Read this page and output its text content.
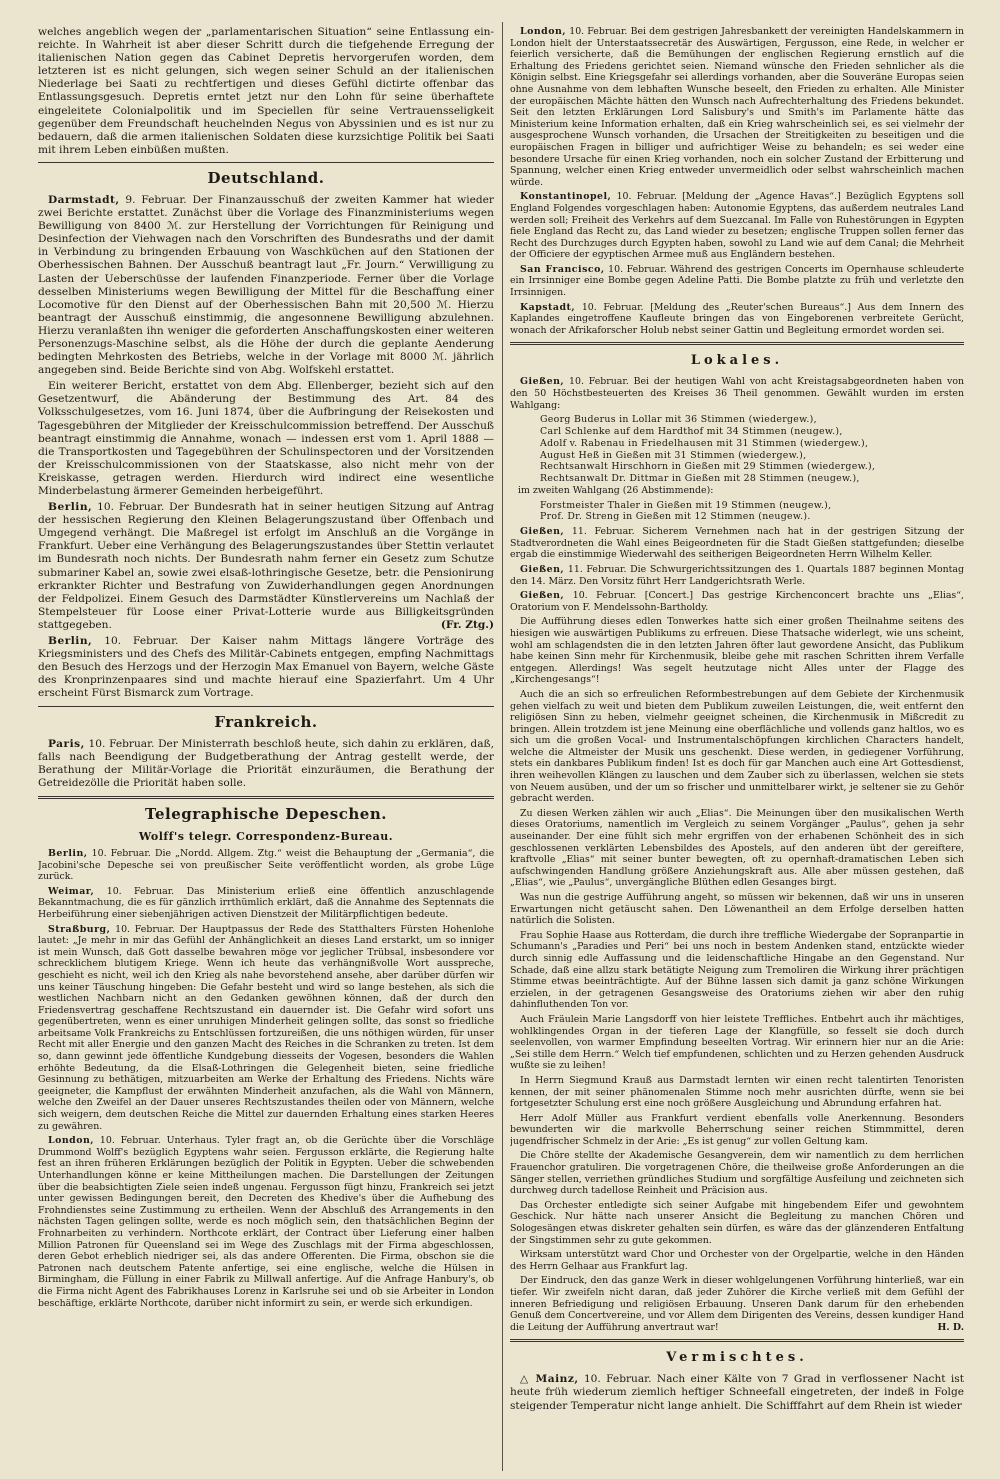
welches angeblich wegen der „parlamentarischen Situation“ seine Entlassung ein-reichte. In Wahrheit ist aber dieser Schritt durch die tiefgehende Erregung der italienischen Nation gegen das Cabinet Depretis hervorgerufen worden, dem letzteren ist es nicht gelungen, sich wegen seiner Schuld an der italienischen Niederlage bei Saati zu rechtfertigen und dieses Gefühl dictirte offenbar das Entlassungsgesuch. Depretis erntet jetzt nur den Lohn für seine überhaftete eingeleitete Colonialpolitik und im Speciellen für seine Vertrauensseligkeit gegenüber dem Freundschaft heuchelnden Negus von Abyssinien und es ist nur zu bedauern, daß die armen italienischen Soldaten diese kurzsichtige Politik bei Saati mit ihrem Leben einbüßen mußten.

Deutschland.

Darmstadt, 9. Februar. Der Finanzausschuß der zweiten Kammer hat wieder zwei Berichte erstattet. Zunächst über die Vorlage des Finanzministeriums wegen Bewilligung von 8400 ℳ. zur Herstellung der Vorrichtungen für Reinigung und Desinfection der Viehwagen nach den Vorschriften des Bundesraths und der damit in Verbindung zu bringenden Erbauung von Waschküchen auf den Stationen der Oberhessischen Bahnen. Der Ausschuß beantragt laut „Fr. Journ.“ Verwilligung zu Lasten der Ueberschüsse der laufenden Finanzperiode. Ferner über die Vorlage desselben Ministeriums wegen Bewilligung der Mittel für die Beschaffung einer Locomotive für den Dienst auf der Oberhessischen Bahn mit 20,500 ℳ. Hierzu beantragt der Ausschuß einstimmig, die angesonnene Bewilligung abzulehnen. Hierzu veranlaßten ihn weniger die geforderten Anschaffungskosten einer weiteren Personenzugs-Maschine selbst, als die Höhe der durch die geplante Aenderung bedingten Mehrkosten des Betriebs, welche in der Vorlage mit 8000 ℳ. jährlich angegeben sind. Beide Berichte sind von Abg. Wolfskehl erstattet.

Ein weiterer Bericht, erstattet von dem Abg. Ellenberger, bezieht sich auf den Gesetzentwurf, die Abänderung der Bestimmung des Art. 84 des Volksschulgesetzes, vom 16. Juni 1874, über die Aufbringung der Reisekosten und Tagesgebühren der Mitglieder der Kreisschulcommission betreffend. Der Ausschuß beantragt einstimmig die Annahme, wonach — indessen erst vom 1. April 1888 — die Transportkosten und Tagegebühren der Schulinspectoren und der Vorsitzenden der Kreisschulcommissionen von der Staatskasse, also nicht mehr von der Kreiskasse, getragen werden. Hierdurch wird indirect eine wesentliche Minderbelastung ärmerer Gemeinden herbeigeführt.

Berlin, 10. Februar. Der Bundesrath hat in seiner heutigen Sitzung auf Antrag der hessischen Regierung den Kleinen Belagerungszustand über Offenbach und Umgegend verhängt. Die Maßregel ist erfolgt im Anschluß an die Vorgänge in Frankfurt. Ueber eine Verhängung des Belagerungszustandes über Stettin verlautet im Bundesrath noch nichts. Der Bundesrath nahm ferner ein Gesetz zum Schutze submariner Kabel an, sowie zwei elsaß-lothringische Gesetze, betr. die Pensionirung erkrankter Richter und Bestrafung von Zuwiderhandlungen gegen Anordnungen der Feldpolizei. Einem Gesuch des Darmstädter Künstlervereins um Nachlaß der Stempelsteuer für Loose einer Privat-Lotterie wurde aus Billigkeitsgründen stattgegeben.	(Fr. Ztg.)

Berlin, 10. Februar. Der Kaiser nahm Mittags längere Vorträge des Kriegsministers und des Chefs des Militär-Cabinets entgegen, empfing Nachmittags den Besuch des Herzogs und der Herzogin Max Emanuel von Bayern, welche Gäste des Kronprinzenpaares sind und machte hierauf eine Spazierfahrt. Um 4 Uhr erscheint Fürst Bismarck zum Vortrage.

Frankreich.

Paris, 10. Februar. Der Ministerrath beschloß heute, sich dahin zu erklären, daß, falls nach Beendigung der Budgetberathung der Antrag gestellt werde, der Berathung der Militär-Vorlage die Priorität einzuräumen, die Berathung der Getreidezölle die Priorität haben solle.

Telegraphische Depeschen.
Wolff's telegr. Correspondenz-Bureau.

Berlin, 10. Februar. Die „Nordd. Allgem. Ztg.“ weist die Behauptung der „Germania“, die Jacobini'sche Depesche sei von preußischer Seite veröffentlicht worden, als grobe Lüge zurück.

Weimar, 10. Februar. Das Ministerium erließ eine öffentlich anzuschlagende Bekanntmachung, die es für gänzlich irrthümlich erklärt, daß die Annahme des Septennats die Herbeiführung einer siebenjährigen activen Dienstzeit der Militärpflichtigen bedeute.

Straßburg, 10. Februar. Der Hauptpassus der Rede des Statthalters Fürsten Hohenlohe lautet: „Je mehr in mir das Gefühl der Anhänglichkeit an dieses Land erstarkt, um so inniger ist mein Wunsch, daß Gott dasselbe bewahren möge vor jeglicher Trübsal, insbesondere vor schrecklichem blutigem Kriege. Wenn ich heute das verhängnißvolle Wort ausspreche, geschieht es nicht, weil ich den Krieg als nahe bevorstehend ansehe, aber darüber dürfen wir uns keiner Täuschung hingeben: Die Gefahr besteht und wird so lange bestehen, als sich die westlichen Nachbarn nicht an den Gedanken gewöhnen können, daß der durch den Friedensvertrag geschaffene Rechtszustand ein dauernder ist. Die Gefahr wird sofort uns gegenübertreten, wenn es einer unruhigen Minderheit gelingen sollte, das sonst so friedliche arbeitsame Volk Frankreichs zu Entschlüssen fortzureißen, die uns nöthigen würden, für unser Recht mit aller Energie und den ganzen Macht des Reiches in die Schranken zu treten. Ist dem so, dann gewinnt jede öffentliche Kundgebung diesseits der Vogesen, besonders die Wahlen erhöhte Bedeutung, da die Elsaß-Lothringen die Gelegenheit bieten, seine friedliche Gesinnung zu bethätigen, mitzuarbeiten am Werke der Erhaltung des Friedens. Nichts wäre geeigneter, die Kampflust der erwähnten Minderheit anzufachen, als die Wahl von Männern, welche den Zweifel an der Dauer unseres Rechtszustandes theilen oder von Männern, welche sich weigern, dem deutschen Reiche die Mittel zur dauernden Erhaltung eines starken Heeres zu gewähren.

London, 10. Februar. Unterhaus. Tyler fragt an, ob die Gerüchte über die Vorschläge Drummond Wolff's bezüglich Egyptens wahr seien. Fergusson erklärte, die Regierung halte fest an ihren früheren Erklärungen bezüglich der Politik in Egypten. Ueber die schwebenden Unterhandlungen könne er keine Mittheilungen machen. Die Darstellungen der Zeitungen über die beabsichtigten Ziele seien indeß ungenau. Fergusson fügt hinzu, Frankreich sei jetzt unter gewissen Bedingungen bereit, den Decreten des Khedive's über die Aufhebung des Frohndienstes seine Zustimmung zu ertheilen. Wenn der Abschluß des Arrangements in den nächsten Tagen gelingen sollte, werde es noch möglich sein, den thatsächlichen Beginn der Frohnarbeiten zu verhindern. Northcote erklärt, der Contract über Lieferung einer halben Million Patronen für Queensland sei im Wege des Zuschlags mit der Firma abgeschlossen, deren Gebot erheblich niedriger sei, als das andere Offerenten. Die Firma, obschon sie die Patronen nach deutschem Patente anfertige, sei eine englische, welche die Hülsen in Birmingham, die Füllung in einer Fabrik zu Millwall anfertige. Auf die Anfrage Hanbury's, ob die Firma nicht Agent des Fabrikhauses Lorenz in Karlsruhe sei und ob sie Arbeiter in London beschäftige, erklärte Northcote, darüber nicht informirt zu sein, er werde sich erkundigen.

London, 10. Februar. Bei dem gestrigen Jahresbankett der vereinigten Handelskammern in London hielt der Unterstaatssecretär des Auswärtigen, Fergusson, eine Rede, in welcher er feierlich versicherte, daß die Bemühungen der englischen Regierung ernstlich auf die Erhaltung des Friedens gerichtet seien. Niemand wünsche den Frieden sehnlicher als die Königin selbst. Eine Kriegsgefahr sei allerdings vorhanden, aber die Souveräne Europas seien ohne Ausnahme von dem lebhaften Wunsche beseelt, den Frieden zu erhalten. Alle Minister der europäischen Mächte hätten den Wunsch nach Aufrechterhaltung des Friedens bekundet. Seit den letzten Erklärungen Lord Salisbury's und Smith's im Parlamente hätte das Ministerium keine Information erhalten, daß ein Krieg wahrscheinlich sei, es sei vielmehr der ausgesprochene Wunsch vorhanden, die Ursachen der Streitigkeiten zu beseitigen und die europäischen Fragen in billiger und aufrichtiger Weise zu behandeln; es sei weder eine besondere Ursache für einen Krieg vorhanden, noch ein solcher Zustand der Erbitterung und Spannung, welcher einen Krieg entweder unvermeidlich oder selbst wahrscheinlich machen würde.

Konstantinopel, 10. Februar. [Meldung der „Agence Havas“.] Bezüglich Egyptens soll England Folgendes vorgeschlagen haben: Autonomie Egyptens, das außerdem neutrales Land werden soll; Freiheit des Verkehrs auf dem Suezcanal. Im Falle von Ruhestörungen in Egypten fiele England das Recht zu, das Land wieder zu besetzen; englische Truppen sollen ferner das Recht des Durchzuges durch Egypten haben, sowohl zu Land wie auf dem Canal; die Mehrheit der Officiere der egyptischen Armee muß aus Engländern bestehen.

San Francisco, 10. Februar. Während des gestrigen Concerts im Opernhause schleuderte ein Irrsinniger eine Bombe gegen Adeline Patti. Die Bombe platzte zu früh und verletzte den Irrsinnigen.

Kapstadt, 10. Februar. [Meldung des „Reuter'schen Bureaus“.] Aus dem Innern des Kaplandes eingetroffene Kaufleute bringen das von Eingeborenen verbreitete Gerücht, wonach der Afrikaforscher Holub nebst seiner Gattin und Begleitung ermordet worden sei.

Lokales.

Gießen, 10. Februar. Bei der heutigen Wahl von acht Kreistagsabgeordneten haben von den 50 Höchstbesteuerten des Kreises 36 Theil genommen. Gewählt wurden im ersten Wahlgang:

Georg Buderus in Lollar mit 36 Stimmen (wiedergew.),

Carl Schlenke auf dem Hardthof mit 34 Stimmen (neugew.),

Adolf v. Rabenau in Friedelhausen mit 31 Stimmen (wiedergew.),

August Heß in Gießen mit 31 Stimmen (wiedergew.),

Rechtsanwalt Hirschhorn in Gießen mit 29 Stimmen (wiedergew.),

Rechtsanwalt Dr. Dittmar in Gießen mit 28 Stimmen (neugew.),

im zweiten Wahlgang (26 Abstimmende):

Forstmeister Thaler in Gießen mit 19 Stimmen (neugew.),

Prof. Dr. Streng in Gießen mit 12 Stimmen (neugew.).

Gießen, 11. Februar. Sicherem Vernehmen nach hat in der gestrigen Sitzung der Stadtverordneten die Wahl eines Beigeordneten für die Stadt Gießen stattgefunden; dieselbe ergab die einstimmige Wiederwahl des seitherigen Beigeordneten Herrn Wilhelm Keller.

Gießen, 11. Februar. Die Schwurgerichtssitzungen des 1. Quartals 1887 beginnen Montag den 14. März. Den Vorsitz führt Herr Landgerichtsrath Werle.

Gießen, 10. Februar. [Concert.] Das gestrige Kirchenconcert brachte uns „Elias“, Oratorium von F. Mendelssohn-Bartholdy.

Die Aufführung dieses edlen Tonwerkes hatte sich einer großen Theilnahme seitens des hiesigen wie auswärtigen Publikums zu erfreuen. Diese Thatsache widerlegt, wie uns scheint, wohl am schlagendsten die in den letzten Jahren öfter laut gewordene Ansicht, das Publikum habe keinen Sinn mehr für Kirchenmusik, bleibe gehe mit raschen Schritten ihrem Verfalle entgegen. Allerdings! Was segelt heutzutage nicht Alles unter der Flagge des „Kirchengesangs“!

Auch die an sich so erfreulichen Reformbestrebungen auf dem Gebiete der Kirchenmusik gehen vielfach zu weit und bieten dem Publikum zuweilen Leistungen, die, weit entfernt den religiösen Sinn zu heben, vielmehr geeignet scheinen, die Kirchenmusik in Mißcredit zu bringen. Allein trotzdem ist jene Meinung eine oberflächliche und vollends ganz haltlos, wo es sich um die großen Vocal- und Instrumentalschöpfungen kirchlichen Characters handelt, welche die Altmeister der Musik uns geschenkt. Diese werden, in gediegener Vorführung, stets ein dankbares Publikum finden! Ist es doch für gar Manchen auch eine Art Gottesdienst, ihren weihevollen Klängen zu lauschen und dem Zauber sich zu überlassen, welchen sie stets von Neuem ausüben, und der um so frischer und unmittelbarer wirkt, je seltener sie zu Gehör gebracht werden.

Zu diesen Werken zählen wir auch „Elias“. Die Meinungen über den musikalischen Werth dieses Oratoriums, namentlich im Vergleich zu seinem Vorgänger „Paulus“, gehen ja sehr auseinander. Der eine fühlt sich mehr ergriffen von der erhabenen Schönheit des in sich geschlossenen verklärten Lebensbildes des Apostels, auf den anderen übt der gereiftere, kraftvolle „Elias“ mit seiner bunter bewegten, oft zu opernhaft-dramatischen Leben sich aufschwingenden Handlung größere Anziehungskraft aus. Alle aber müssen gestehen, daß „Elias“, wie „Paulus“, unvergängliche Blüthen edlen Gesanges birgt.

Was nun die gestrige Aufführung angeht, so müssen wir bekennen, daß wir uns in unseren Erwartungen nicht getäuscht sahen. Den Löwenantheil an dem Erfolge derselben hatten natürlich die Solisten.

Frau Sophie Haase aus Rotterdam, die durch ihre treffliche Wiedergabe der Sopranpartie in Schumann's „Paradies und Peri“ bei uns noch in bestem Andenken stand, entzückte wieder durch sinnig edle Auffassung und die leidenschaftliche Hingabe an den Gegenstand. Nur Schade, daß eine allzu stark betätigte Neigung zum Tremoliren die Wirkung ihrer prächtigen Stimme etwas beeinträchtigte. Auf der Bühne lassen sich damit ja ganz schöne Wirkungen erzielen, in der getragenen Gesangsweise des Oratoriums ziehen wir aber den ruhig dahinfluthenden Ton vor.

Auch Fräulein Marie Langsdorff von hier leistete Treffliches. Entbehrt auch ihr mächtiges, wohlklingendes Organ in der tieferen Lage der Klangfülle, so fesselt sie doch durch seelenvollen, von warmer Empfindung beseelten Vortrag. Wir erinnern hier nur an die Arie: „Sei stille dem Herrn.“ Welch tief empfundenen, schlichten und zu Herzen gehenden Ausdruck wußte sie zu leihen!

In Herrn Siegmund Krauß aus Darmstadt lernten wir einen recht talentirten Tenoristen kennen, der mit seiner phänomenalen Stimme noch mehr ausrichten dürfte, wenn sie bei fortgesetzter Schulung erst eine noch größere Ausgleichung und Abrundung erfahren hat.

Herr Adolf Müller aus Frankfurt verdient ebenfalls volle Anerkennung. Besonders bewunderten wir die markvolle Beherrschung seiner reichen Stimmmittel, deren jugendfrischer Schmelz in der Arie: „Es ist genug“ zur vollen Geltung kam.

Die Chöre stellte der Akademische Gesangverein, dem wir namentlich zu dem herrlichen Frauenchor gratuliren. Die vorgetragenen Chöre, die theilweise große Anforderungen an die Sänger stellen, verriethen gründliches Studium und sorgfältige Ausfeilung und zeichneten sich durchweg durch tadellose Reinheit und Präcision aus.

Das Orchester entledigte sich seiner Aufgabe mit hingebendem Eifer und gewohntem Geschick. Nur hätte nach unserer Ansicht die Begleitung zu manchen Chören und Sologesängen etwas diskreter gehalten sein dürfen, es wäre das der glänzenderen Entfaltung der Singstimmen sehr zu gute gekommen.

Wirksam unterstützt ward Chor und Orchester von der Orgelpartie, welche in den Händen des Herrn Gelhaar aus Frankfurt lag.

Der Eindruck, den das ganze Werk in dieser wohlgelungenen Vorführung hinterließ, war ein tiefer. Wir zweifeln nicht daran, daß jeder Zuhörer die Kirche verließ mit dem Gefühl der inneren Befriedigung und religiösen Erbauung. Unseren Dank darum für den erhebenden Genuß dem Concertvereine, und vor Allem dem Dirigenten des Vereins, dessen kundiger Hand die Leitung der Aufführung anvertraut war!	H. D.

Vermischtes.

△ Mainz, 10. Februar. Nach einer Kälte von 7 Grad in verflossener Nacht ist heute früh wiederum ziemlich heftiger Schneefall eingetreten, der indeß in Folge steigender Temperatur nicht lange anhielt. Die Schifffahrt auf dem Rhein ist wieder
